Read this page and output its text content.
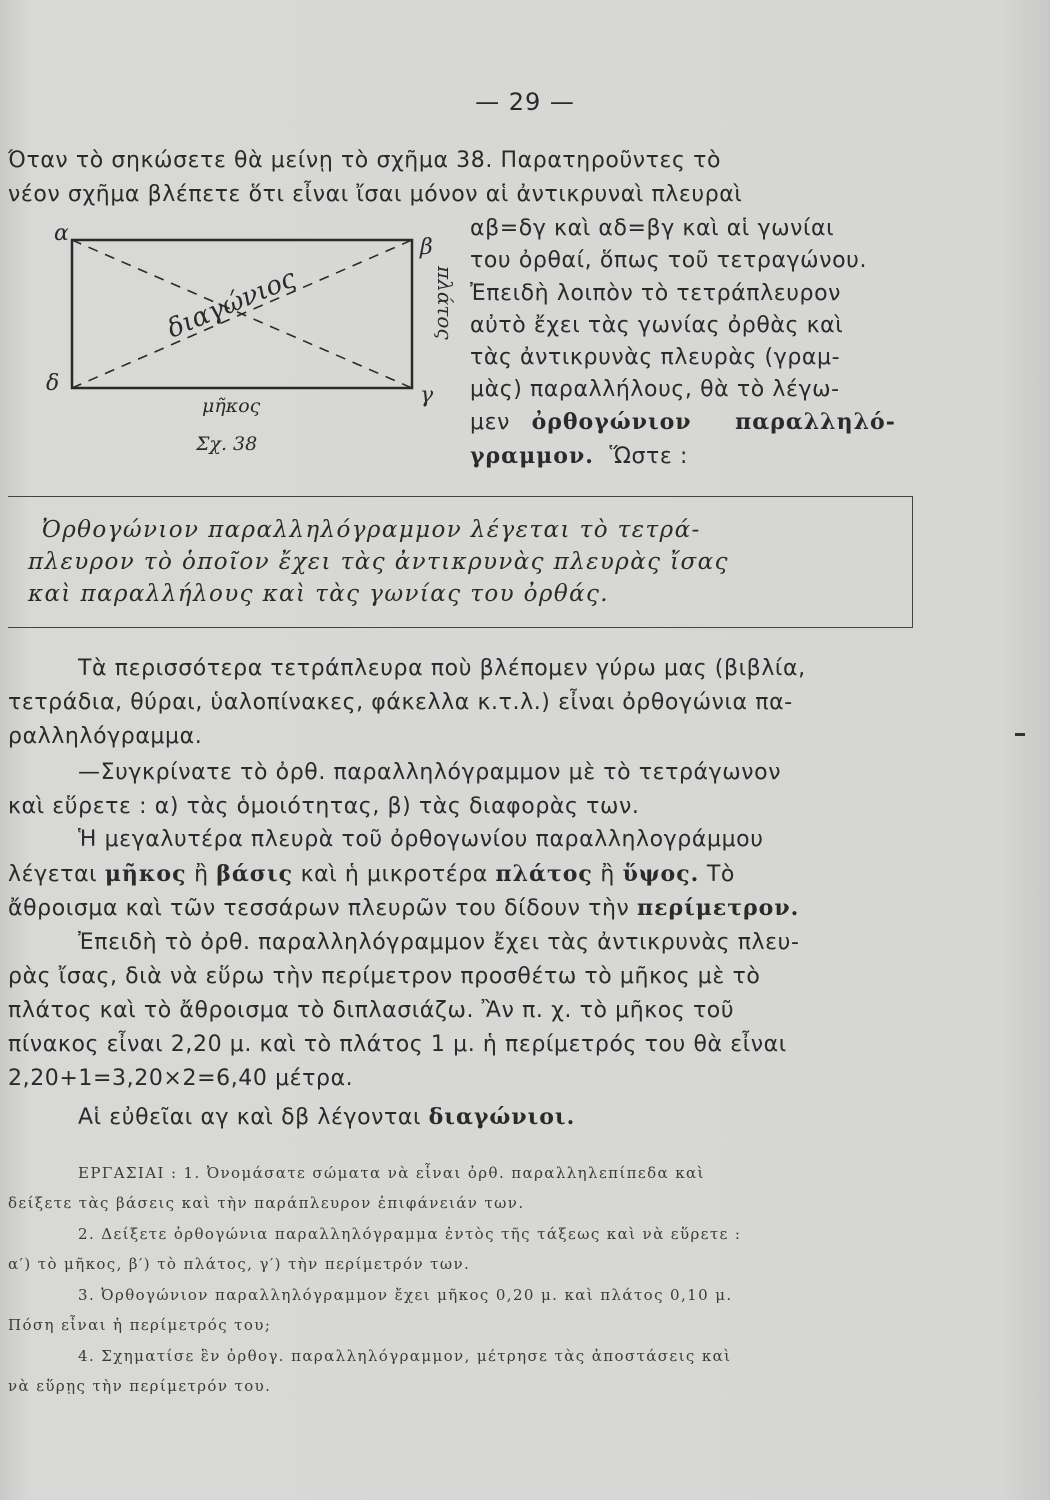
— 29 —
Όταν τὸ σηκώσετε θὰ μείνῃ τὸ σχῆμα 38. Παρατηροῦντες τὸ
νέον σχῆμα βλέπετε ὅτι εἶναι ἴσαι μόνον αἱ ἀντικρυναὶ πλευραὶ
α
β
γ
δ
διαγώνιος	πλάτος
μῆκος
Σχ. 38
αβ=δγ καὶ αδ=βγ καὶ αἱ γωνίαι
του ὀρθαί, ὅπως τοῦ τετραγώνου.
Ἐπειδὴ λοιπὸν τὸ τετράπλευρον
αὐτὸ ἔχει τὰς γωνίας ὀρθὰς καὶ
τὰς ἀντικρυνὰς πλευρὰς (γραμ-
μὰς) παραλλήλους, θὰ τὸ λέγω-
μεν ὀρθογώνιον παραλληλό-
γραμμον. Ὥστε :
Ὀρθογώνιον παραλληλόγραμμον λέγεται τὸ τετρά-
πλευρον τὸ ὁποῖον ἔχει τὰς ἀντικρυνὰς πλευρὰς ἴσας
καὶ παραλλήλους καὶ τὰς γωνίας του ὀρθάς.
Τὰ περισσότερα τετράπλευρα ποὺ βλέπομεν γύρω μας (βιβλία,
τετράδια, θύραι, ὑαλοπίνακες, φάκελλα κ.τ.λ.) εἶναι ὀρθογώνια πα-
ραλληλόγραμμα.
—Συγκρίνατε τὸ ὀρθ. παραλληλόγραμμον μὲ τὸ τετράγωνον
καὶ εὕρετε : α) τὰς ὁμοιότητας, β) τὰς διαφορὰς των.
Ἡ μεγαλυτέρα πλευρὰ τοῦ ὀρθογωνίου παραλληλογράμμου
λέγεται μῆκος ἢ βάσις καὶ ἡ μικροτέρα πλάτος ἢ ὕψος. Τὸ
ἄθροισμα καὶ τῶν τεσσάρων πλευρῶν του δίδουν τὴν περίμετρον.
Ἐπειδὴ τὸ ὀρθ. παραλληλόγραμμον ἔχει τὰς ἀντικρυνὰς πλευ-
ρὰς ἴσας, διὰ νὰ εὕρω τὴν περίμετρον προσθέτω τὸ μῆκος μὲ τὸ
πλάτος καὶ τὸ ἄθροισμα τὸ διπλασιάζω. Ἂν π. χ. τὸ μῆκος τοῦ
πίνακος εἶναι 2,20 μ. καὶ τὸ πλάτος 1 μ. ἡ περίμετρός του θὰ εἶναι
2,20+1=3,20×2=6,40 μέτρα.
Αἱ εὐθεῖαι αγ καὶ δβ λέγονται διαγώνιοι.
ΕΡΓΑΣΙΑΙ : 1. Ὀνομάσατε σώματα νὰ εἶναι ὀρθ. παραλληλεπίπεδα καὶ
δείξετε τὰς βάσεις καὶ τὴν παράπλευρον ἐπιφάνειάν των.
2. Δείξετε ὀρθογώνια παραλληλόγραμμα ἐντὸς τῆς τάξεως καὶ νὰ εὕρετε :
α′) τὸ μῆκος, β′) τὸ πλάτος, γ′) τὴν περίμετρόν των.
3. Ὀρθογώνιον παραλληλόγραμμον ἔχει μῆκος 0,20 μ. καὶ πλάτος 0,10 μ.
Πόση εἶναι ἡ περίμετρός του;
4. Σχηματίσε ἓν ὀρθογ. παραλληλόγραμμον, μέτρησε τὰς ἀποστάσεις καὶ
νὰ εὕρῃς τὴν περίμετρόν του.
